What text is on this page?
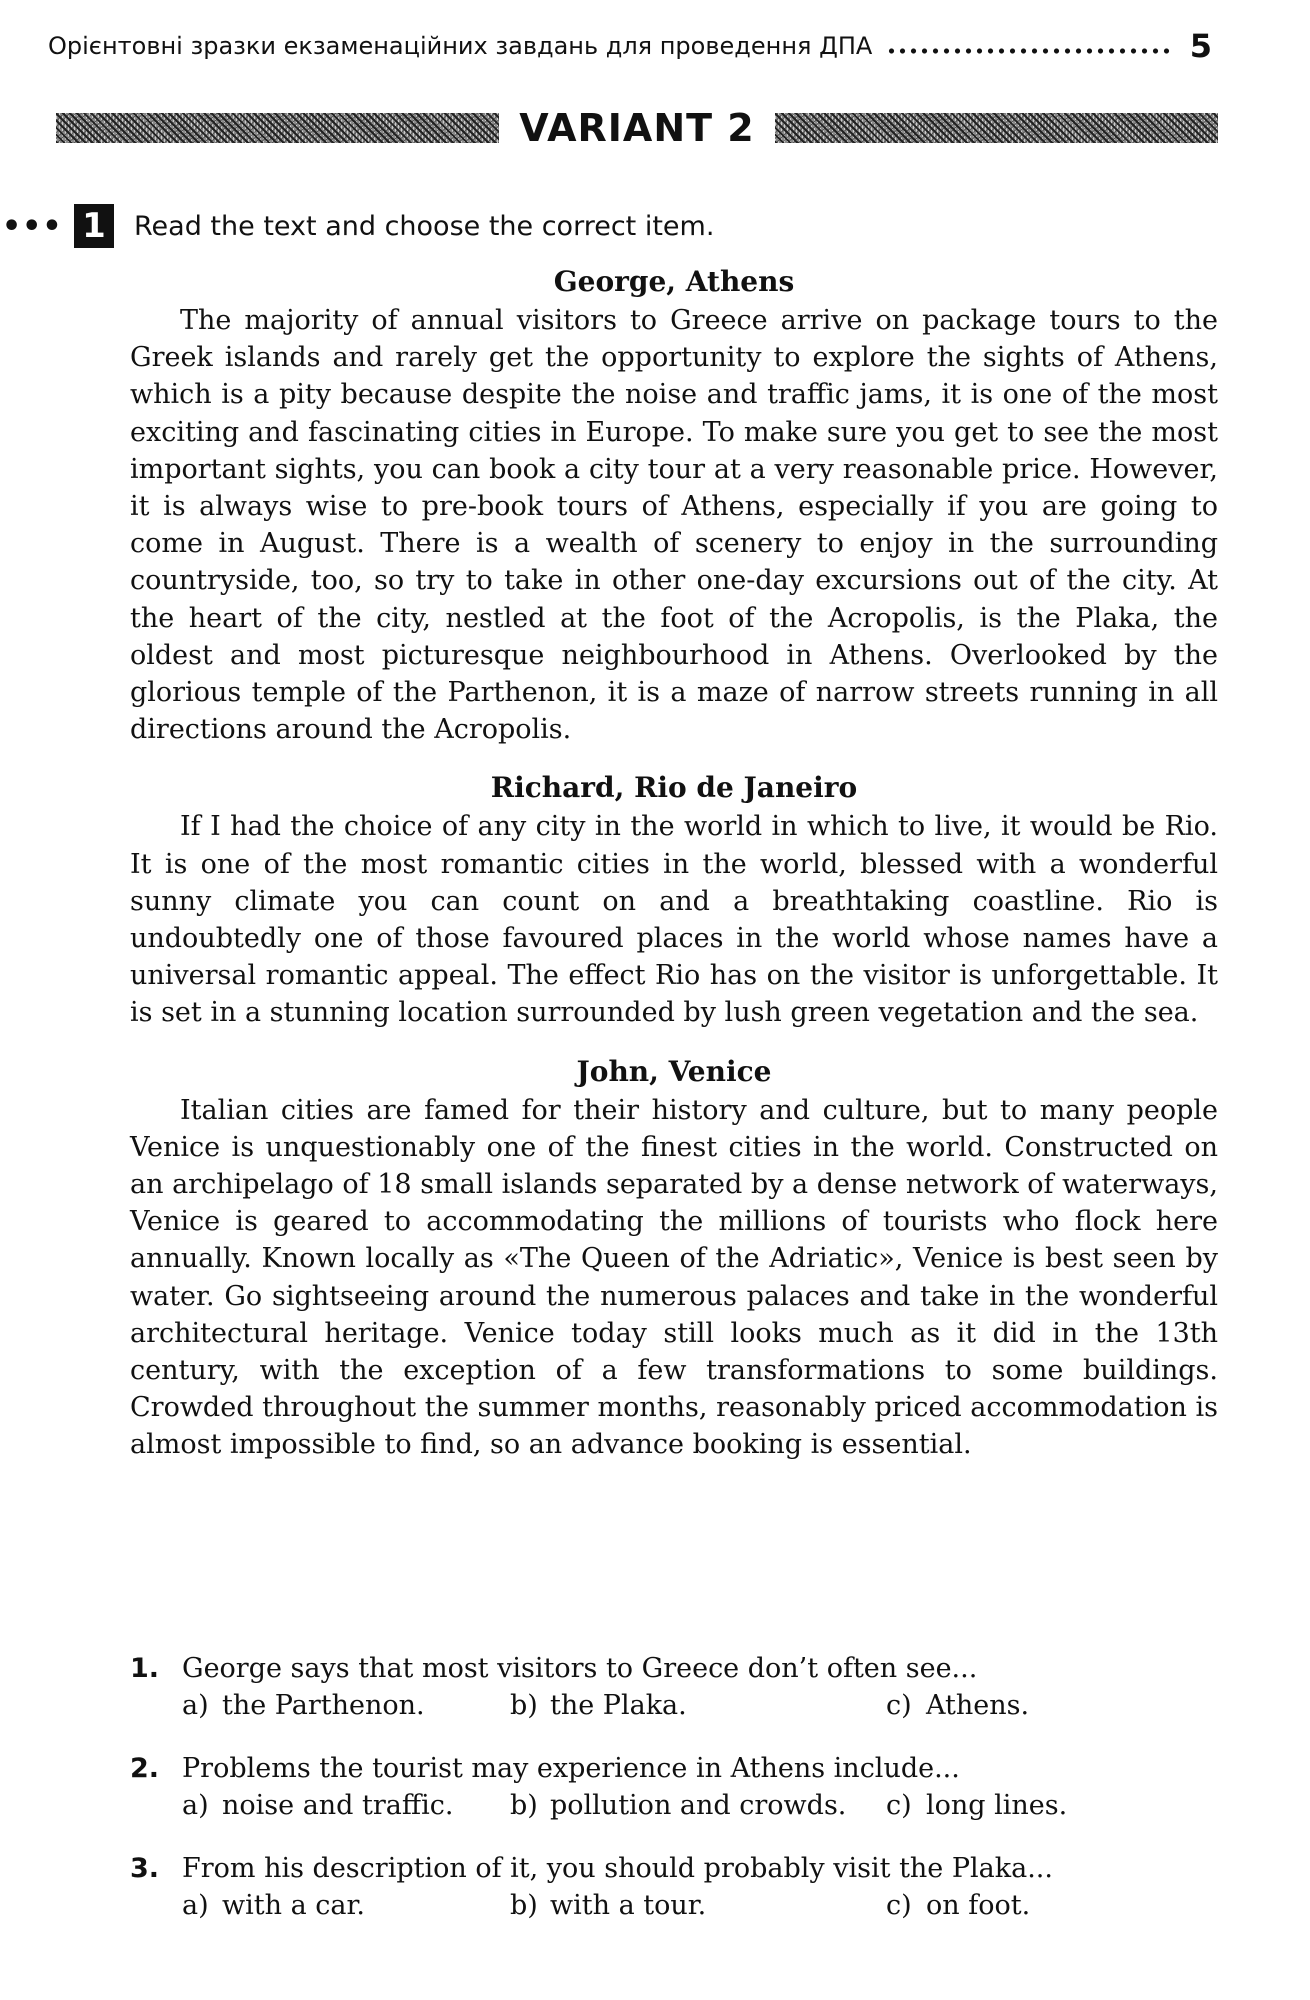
Орієнтовні зразки екзаменаційних завдань для проведення ДПА	5
VARIANT 2
••• 1	Read the text and choose the correct item.

George, Athens

The majority of annual visitors to Greece arrive on package tours to the Greek islands and rarely get the opportunity to explore the sights of Athens, which is a pity because despite the noise and traffic jams, it is one of the most exciting and fascinating cities in Europe. To make sure you get to see the most important sights, you can book a city tour at a very reasonable price. However, it is always wise to pre-book tours of Athens, especially if you are going to come in August. There is a wealth of scenery to enjoy in the surrounding countryside, too, so try to take in other one-day excursions out of the city. At the heart of the city, nestled at the foot of the Acropolis, is the Plaka, the oldest and most picturesque neighbourhood in Athens. Overlooked by the glorious temple of the Parthenon, it is a maze of narrow streets running in all directions around the Acropolis.

Richard, Rio de Janeiro

If I had the choice of any city in the world in which to live, it would be Rio. It is one of the most romantic cities in the world, blessed with a wonderful sunny climate you can count on and a breathtaking coastline. Rio is undoubtedly one of those favoured places in the world whose names have a universal romantic appeal. The effect Rio has on the visitor is unforgettable. It is set in a stunning location surrounded by lush green vegetation and the sea.

John, Venice

Italian cities are famed for their history and culture, but to many people Venice is unquestionably one of the finest cities in the world. Constructed on an archipelago of 18 small islands separated by a dense network of waterways, Venice is geared to accommodating the millions of tourists who flock here annually. Known locally as «The Queen of the Adriatic», Venice is best seen by water. Go sightseeing around the numerous palaces and take in the wonderful architectural heritage. Venice today still looks much as it did in the 13th century, with the exception of a few transformations to some buildings. Crowded throughout the summer months, reasonably priced accommodation is almost impossible to find, so an advance booking is essential.

1. George says that most visitors to Greece don’t often see...
a) the Parthenon.	b) the Plaka.	c) Athens.
2. Problems the tourist may experience in Athens include...
a) noise and traffic.	b) pollution and crowds.	c) long lines.
3. From his description of it, you should probably visit the Plaka...
a) with a car.	b) with a tour.	c) on foot.
